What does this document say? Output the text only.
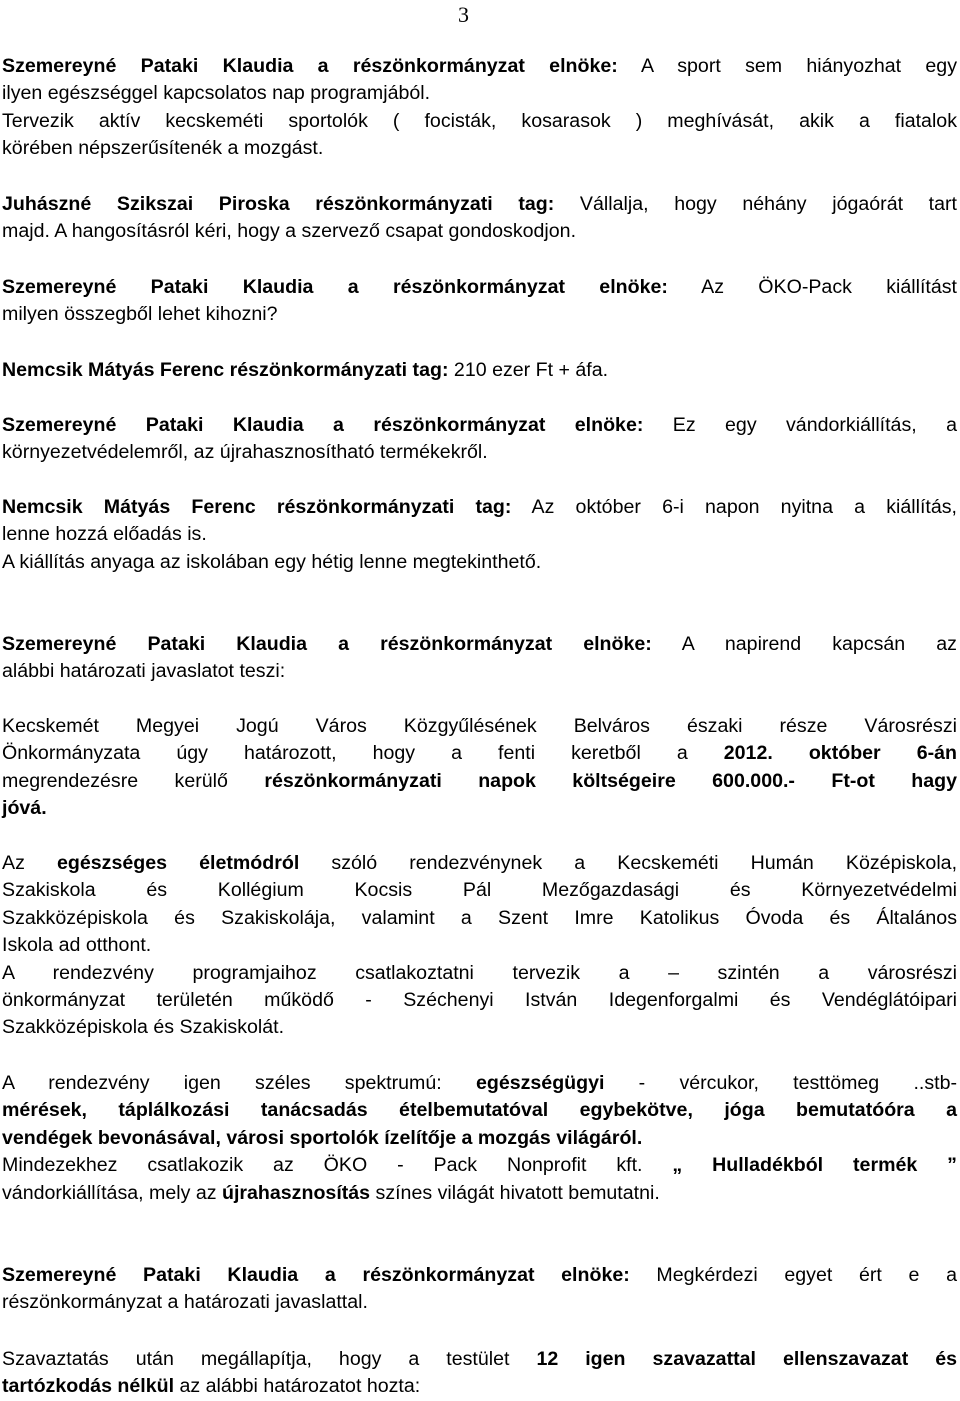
3
Szemereyné Pataki Klaudia a részönkormányzat elnöke: A sport sem hiányozhat egy
ilyen egészséggel kapcsolatos nap programjából.
Tervezik aktív kecskeméti sportolók ( focisták, kosarasok ) meghívását, akik a fiatalok
körében népszerűsítenék a mozgást.
Juhászné Szikszai Piroska részönkormányzati tag: Vállalja, hogy néhány jógaórát tart
majd. A hangosításról kéri, hogy a szervező csapat gondoskodjon.
Szemereyné Pataki Klaudia a részönkormányzat elnöke: Az ÖKO-Pack kiállítást
milyen összegből lehet kihozni?
Nemcsik Mátyás Ferenc részönkormányzati tag: 210 ezer Ft + áfa.
Szemereyné Pataki Klaudia a részönkormányzat elnöke: Ez egy vándorkiállítás, a
környezetvédelemről, az újrahasznosítható termékekről.
Nemcsik Mátyás Ferenc részönkormányzati tag: Az október 6-i napon nyitna a kiállítás,
lenne hozzá előadás is.
A kiállítás anyaga az iskolában egy hétig lenne megtekinthető.
Szemereyné Pataki Klaudia a részönkormányzat elnöke: A napirend kapcsán az
alábbi határozati javaslatot teszi:
Kecskemét Megyei Jogú Város Közgyűlésének Belváros északi része Városrészi
Önkormányzata úgy határozott, hogy a fenti keretből a 2012. október 6-án
megrendezésre kerülő részönkormányzati napok költségeire 600.000.- Ft-ot hagy
jóvá.
Az egészséges életmódról szóló rendezvénynek a Kecskeméti Humán Középiskola,
Szakiskola és Kollégium Kocsis Pál Mezőgazdasági és Környezetvédelmi
Szakközépiskola és Szakiskolája, valamint a Szent Imre Katolikus Óvoda és Általános
Iskola ad otthont.
A rendezvény programjaihoz csatlakoztatni tervezik a – szintén a városrészi
önkormányzat területén működő - Széchenyi István Idegenforgalmi és Vendéglátóipari
Szakközépiskola és Szakiskolát.
A rendezvény igen széles spektrumú: egészségügyi - vércukor, testtömeg ..stb-
mérések, táplálkozási tanácsadás ételbemutatóval egybekötve, jóga bemutatóóra a
vendégek bevonásával, városi sportolók ízelítője a mozgás világáról.
Mindezekhez csatlakozik az ÖKO - Pack Nonprofit kft. „ Hulladékból termék ”
vándorkiállítása, mely az újrahasznosítás színes világát hivatott bemutatni.
Szemereyné Pataki Klaudia a részönkormányzat elnöke: Megkérdezi egyet ért e a
részönkormányzat a határozati javaslattal.
Szavaztatás után megállapítja, hogy a testület 12 igen szavazattal ellenszavazat és
tartózkodás nélkül az alábbi határozatot hozta:
